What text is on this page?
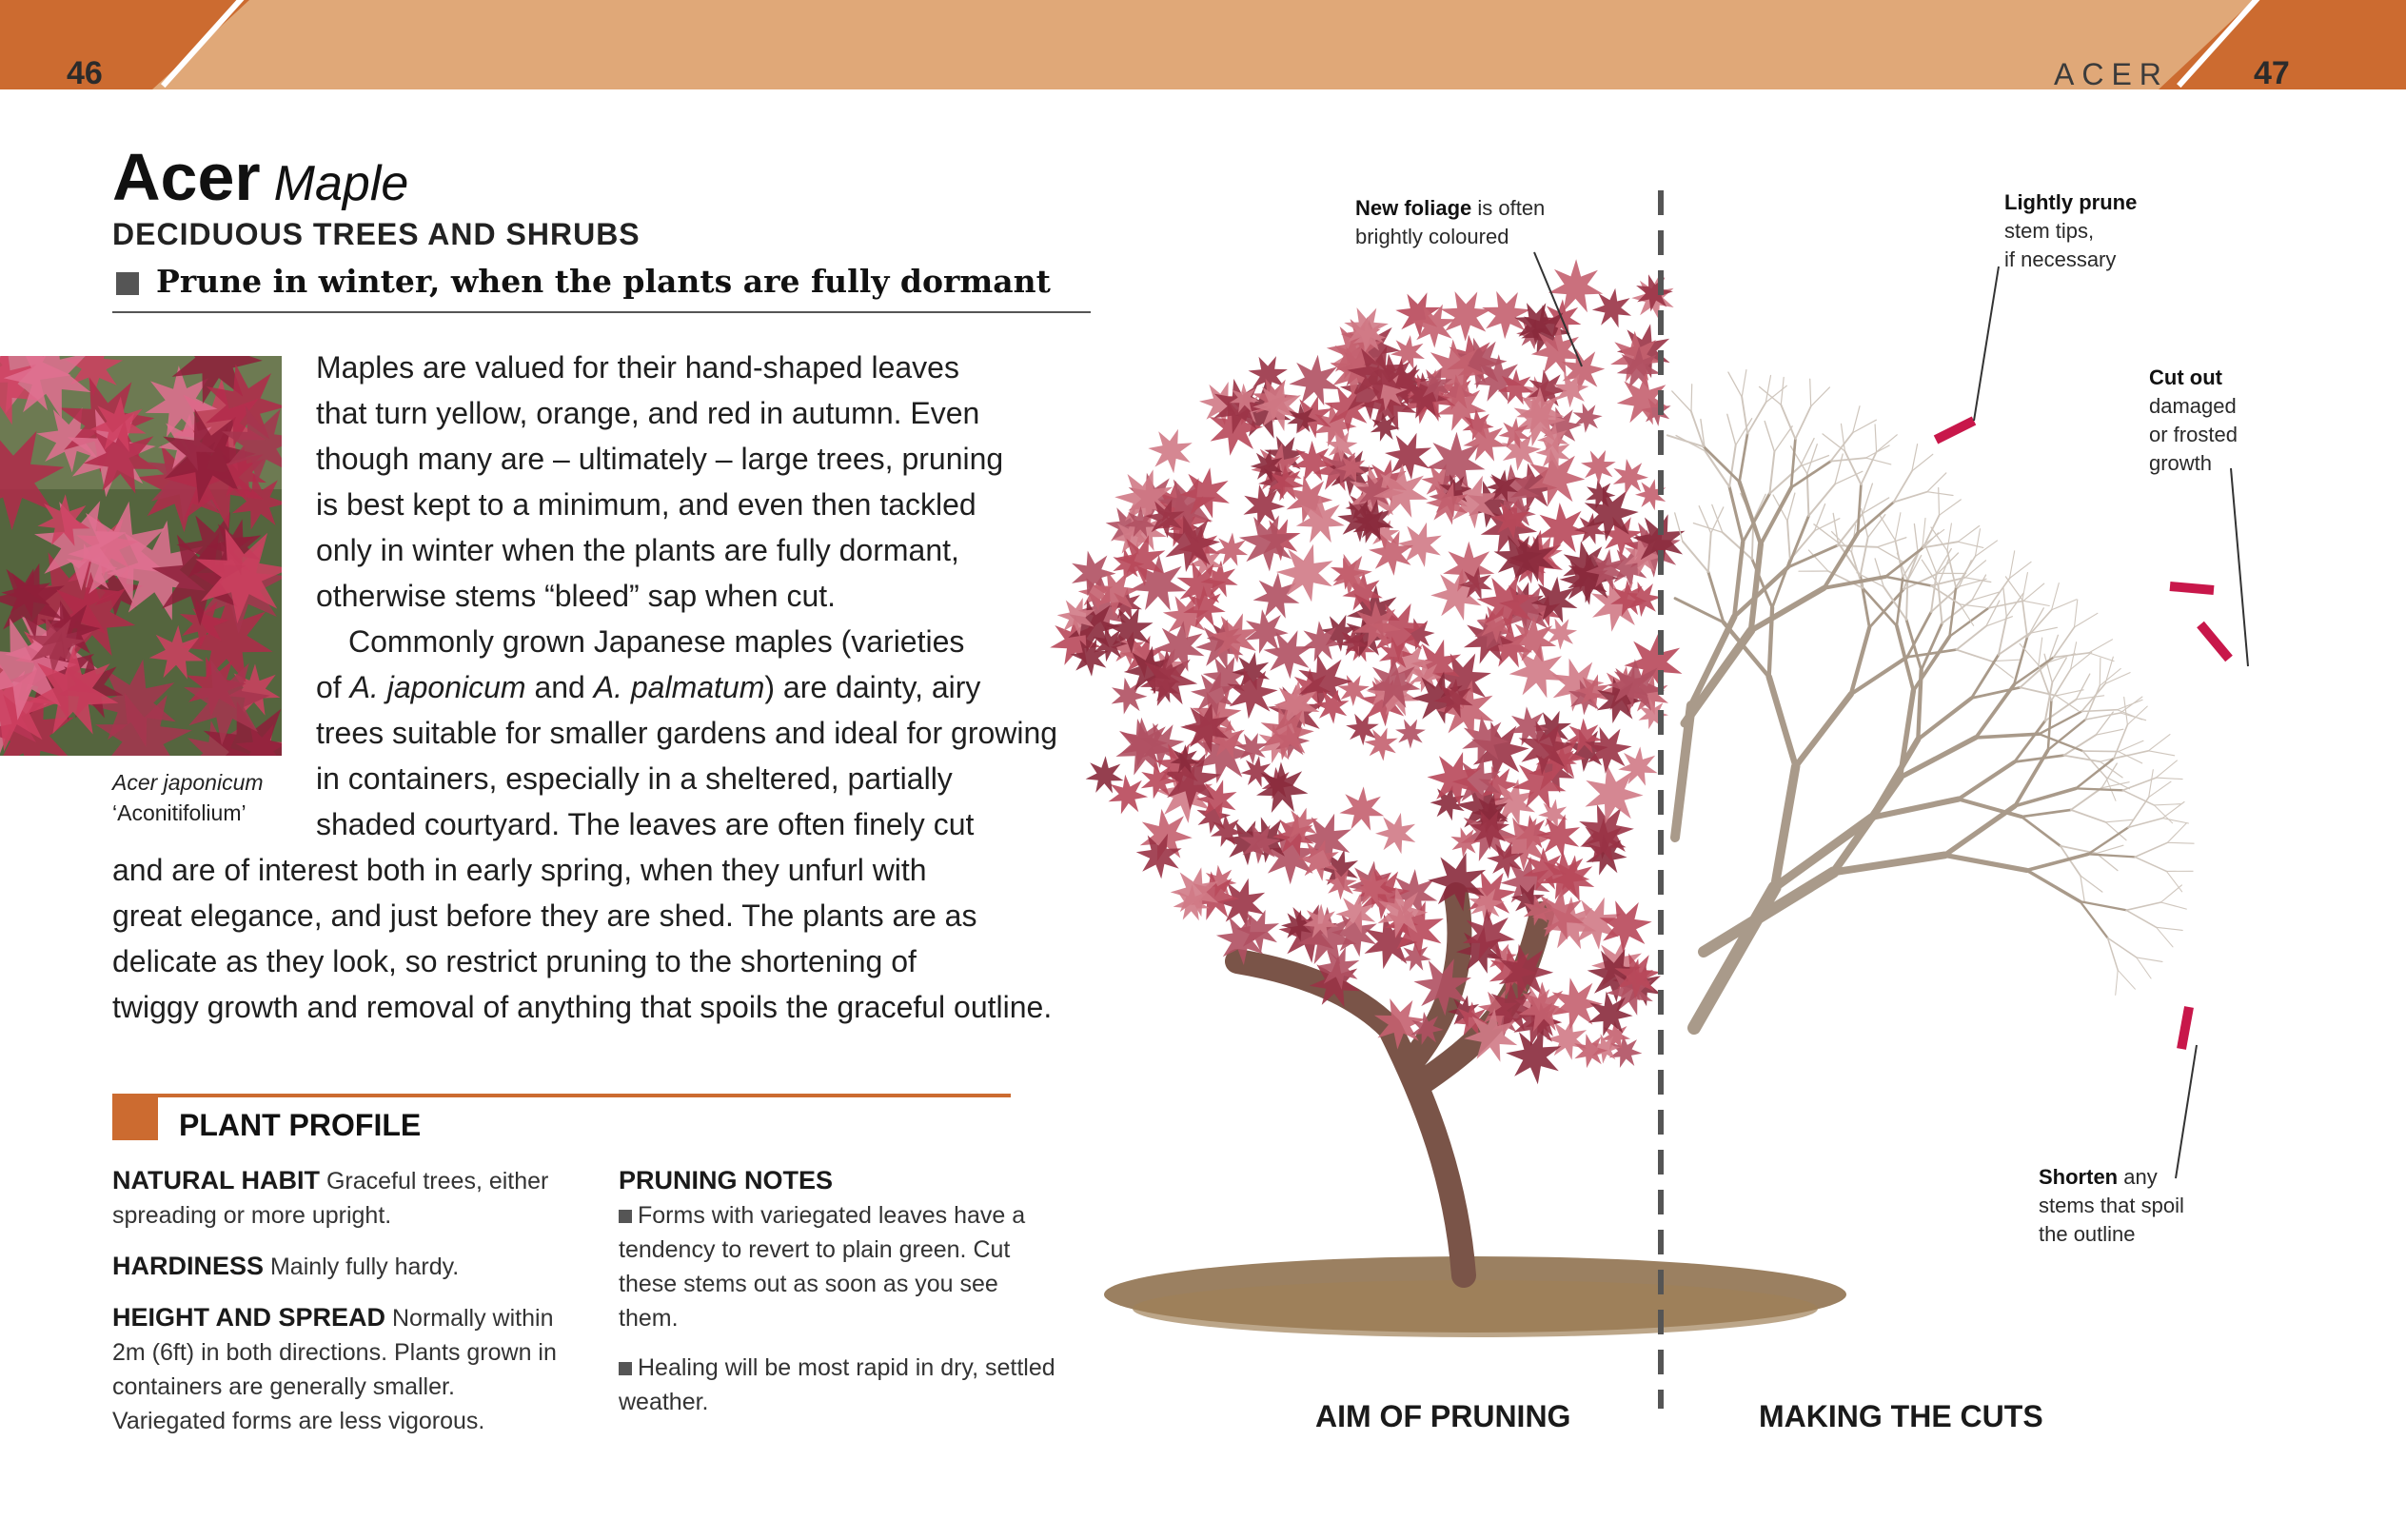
46	ACER	47
Acer Maple
DECIDUOUS TREES AND SHRUBS
Prune in winter, when the plants are fully dormant
Acer japonicum
‘Aconitifolium’
Maples are valued for their hand-shaped leaves
that turn yellow, orange, and red in autumn. Even
though many are – ultimately – large trees, pruning
is best kept to a minimum, and even then tackled
only in winter when the plants are fully dormant,
otherwise stems “bleed” sap when cut.
Commonly grown Japanese maples (varieties
of A. japonicum and A. palmatum) are dainty, airy
trees suitable for smaller gardens and ideal for growing
in containers, especially in a sheltered, partially
shaded courtyard. The leaves are often finely cut
and are of interest both in early spring, when they unfurl with
great elegance, and just before they are shed. The plants are as
delicate as they look, so restrict pruning to the shortening of
twiggy growth and removal of anything that spoils the graceful outline.
PLANT PROFILE
NATURAL HABIT Graceful trees, either spreading or more upright.
HARDINESS Mainly fully hardy.
HEIGHT AND SPREAD Normally within 2m (6ft) in both directions. Plants grown in containers are generally smaller. Variegated forms are less vigorous.
PRUNING NOTES
Forms with variegated leaves have a tendency to revert to plain green. Cut these stems out as soon as you see them.
Healing will be most rapid in dry, settled weather.
New foliage is often
brightly coloured
Lightly prune
stem tips,
if necessary
Cut out
damaged
or frosted
growth
Shorten any
stems that spoil
the outline
AIM OF PRUNING	MAKING THE CUTS
